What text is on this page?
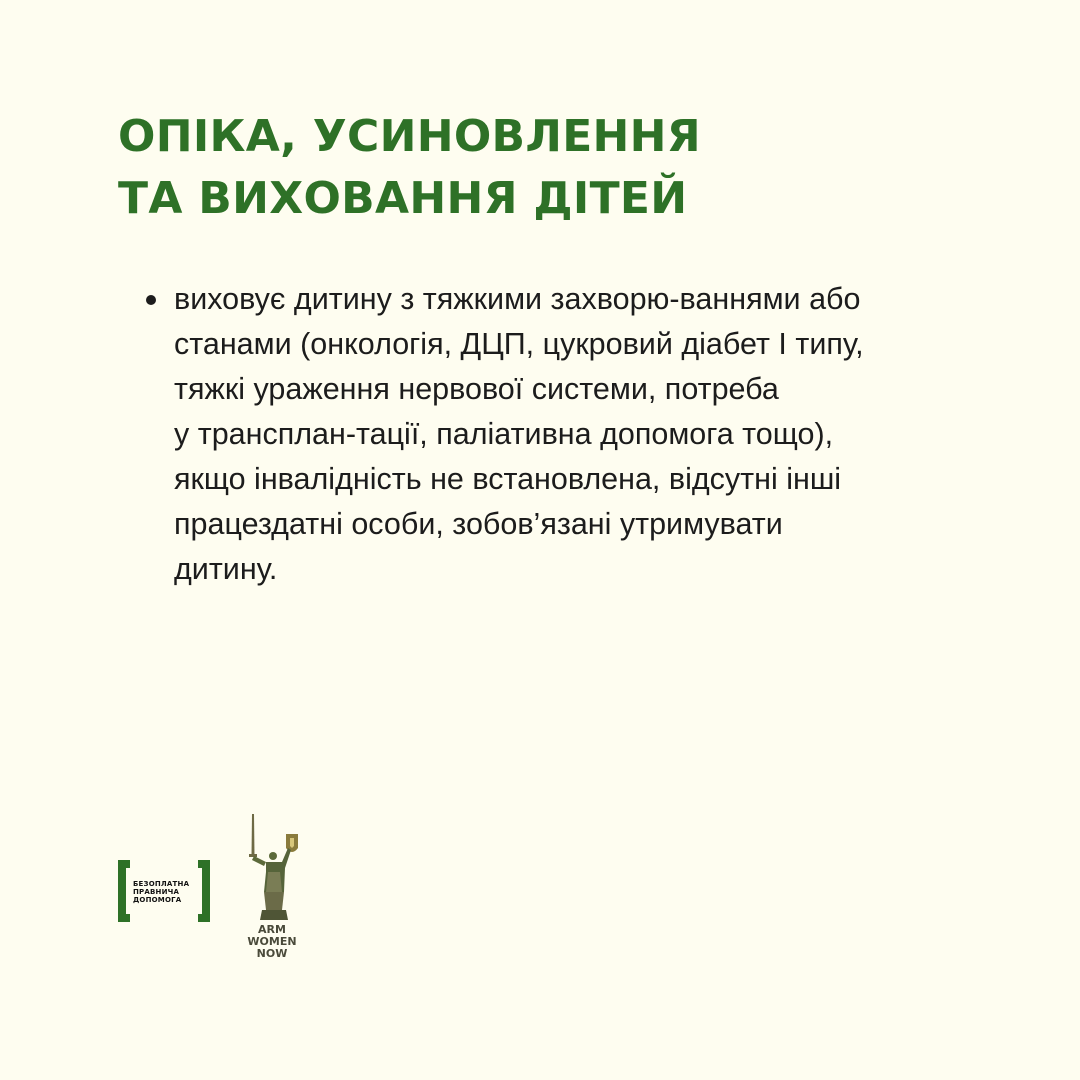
ОПІКА, УСИНОВЛЕННЯ
ТА ВИХОВАННЯ ДІТЕЙ
виховує дитину з тяжкими захворю-ваннями або
станами (онкологія, ДЦП, цукровий діабет І типу,
тяжкі ураження нервової системи, потреба
у трансплан-тації, паліативна допомога тощо),
якщо інвалідність не встановлена, відсутні інші
працездатні особи, зобов’язані утримувати
дитину.
БЕЗОПЛАТНА
ПРАВНИЧА
ДОПОМОГА
ARM
WOMEN
NOW
